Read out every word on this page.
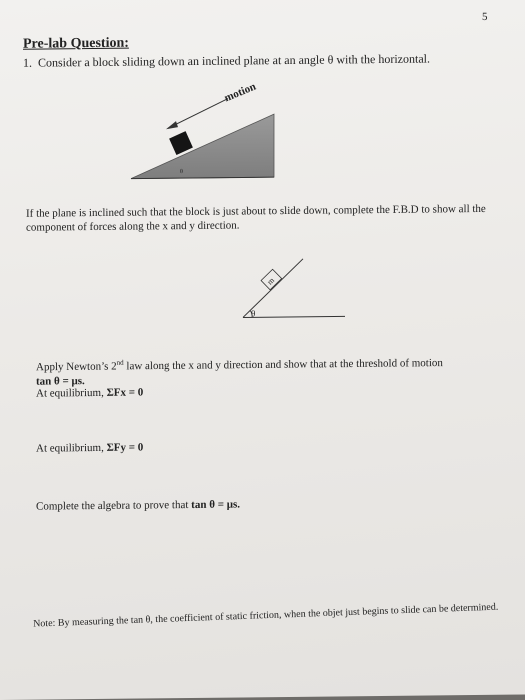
5
Pre-lab Question:
1. Consider a block sliding down an inclined plane at an angle θ with the horizontal.
motion
θ
m
θ
If the plane is inclined such that the block is just about to slide down, complete the F.B.D to show all the component of forces along the x and y direction.
Apply Newton’s 2nd law along the x and y direction and show that at the threshold of motion
tan θ = μs.
At equilibrium, ΣFx = 0
At equilibrium, ΣFy = 0
Complete the algebra to prove that tan θ = μs.
Note: By measuring the tan θ, the coefficient of static friction, when the objet just begins to slide can be determined.
